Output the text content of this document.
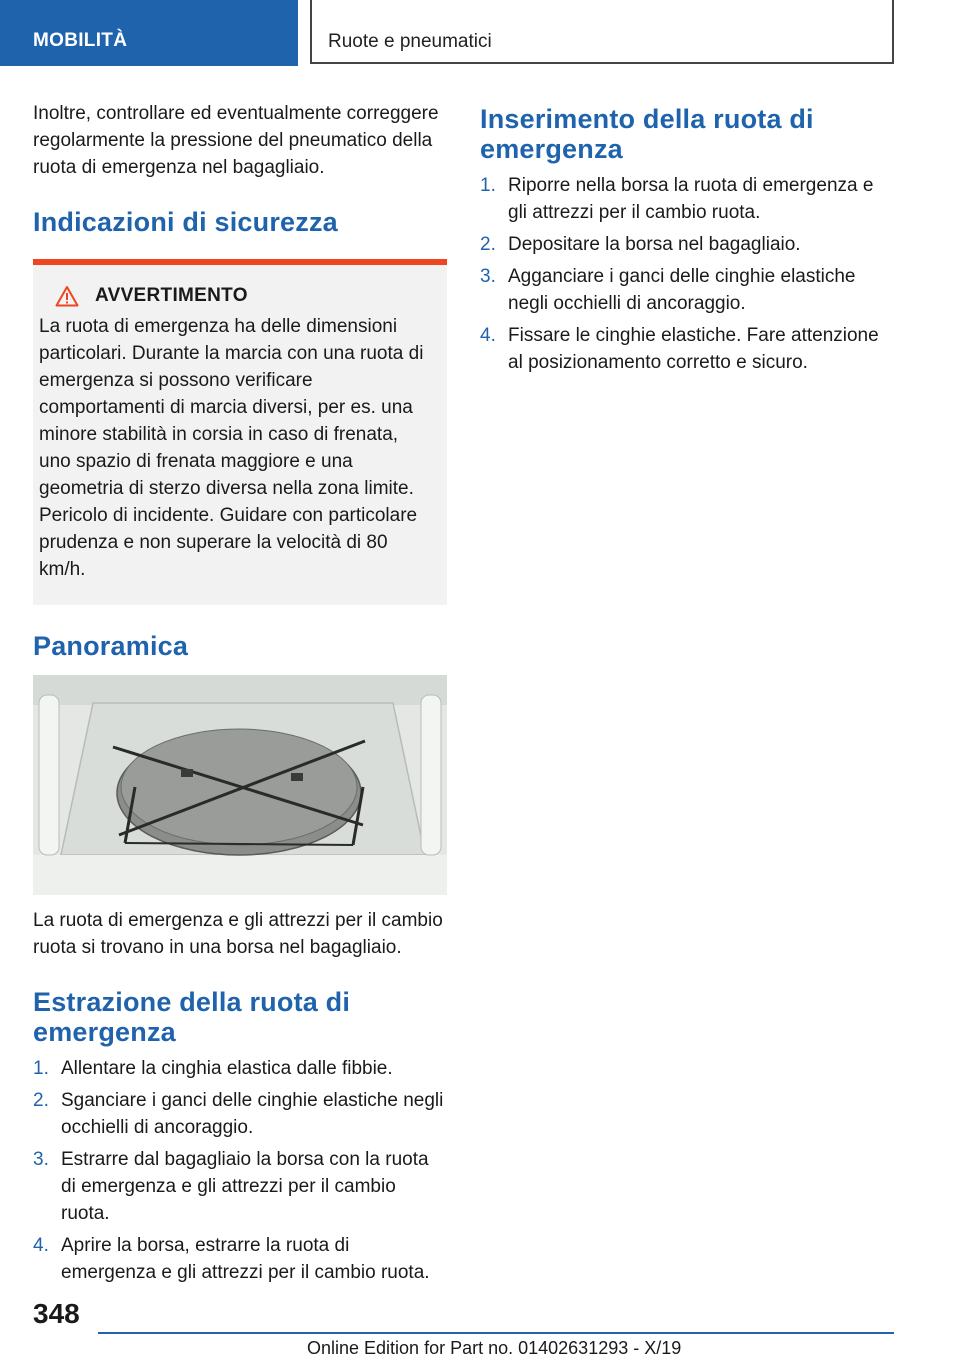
MOBILITÀ	Ruote e pneumatici

Inoltre, controllare ed eventualmente correggere regolarmente la pressione del pneumatico della ruota di emergenza nel bagagliaio.

Indicazioni di sicurezza
AVVERTIMENTO

La ruota di emergenza ha delle dimensioni particolari. Durante la marcia con una ruota di emergenza si possono verificare comportamenti di marcia diversi, per es. una minore stabilità in corsia in caso di frenata, uno spazio di frenata maggiore e una geometria di sterzo diversa nella zona limite. Pericolo di incidente. Guidare con particolare prudenza e non superare la velocità di 80 km/h.

Panoramica

La ruota di emergenza e gli attrezzi per il cambio ruota si trovano in una borsa nel bagagliaio.

Estrazione della ruota di emergenza
1. Allentare la cinghia elastica dalle fibbie.
2. Sganciare i ganci delle cinghie elastiche negli occhielli di ancoraggio.
3. Estrarre dal bagagliaio la borsa con la ruota di emergenza e gli attrezzi per il cambio ruota.
4. Aprire la borsa, estrarre la ruota di emergenza e gli attrezzi per il cambio ruota.
Inserimento della ruota di emergenza
1. Riporre nella borsa la ruota di emergenza e gli attrezzi per il cambio ruota.
2. Depositare la borsa nel bagagliaio.
3. Agganciare i ganci delle cinghie elastiche negli occhielli di ancoraggio.
4. Fissare le cinghie elastiche. Fare attenzione al posizionamento corretto e sicuro.
348
Online Edition for Part no. 01402631293 - X/19
